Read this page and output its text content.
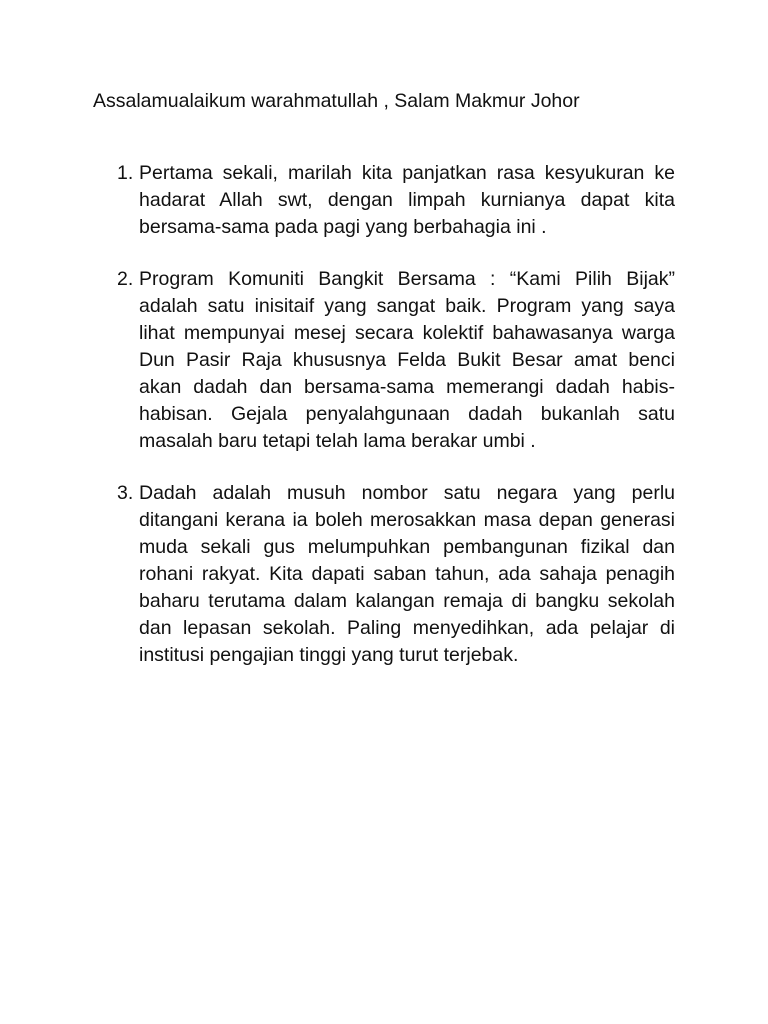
Assalamualaikum warahmatullah , Salam Makmur Johor
1. Pertama sekali, marilah kita panjatkan rasa kesyukuran ke hadarat Allah swt, dengan limpah kurnianya dapat kita bersama-sama pada pagi yang berbahagia ini .
2. Program Komuniti Bangkit Bersama : “Kami Pilih Bijak” adalah satu inisitaif yang sangat baik. Program yang saya lihat mempunyai mesej secara kolektif bahawasanya warga Dun Pasir Raja khususnya Felda Bukit Besar amat benci akan dadah dan bersama-sama memerangi dadah habis-habisan. Gejala penyalahgunaan dadah bukanlah satu masalah baru tetapi telah lama berakar umbi .
3. Dadah adalah musuh nombor satu negara yang perlu ditangani kerana ia boleh merosakkan masa depan generasi muda sekali gus melumpuhkan pembangunan fizikal dan rohani rakyat. Kita dapati saban tahun, ada sahaja penagih baharu terutama dalam kalangan remaja di bangku sekolah dan lepasan sekolah. Paling menyedihkan, ada pelajar di institusi pengajian tinggi yang turut terjebak.
